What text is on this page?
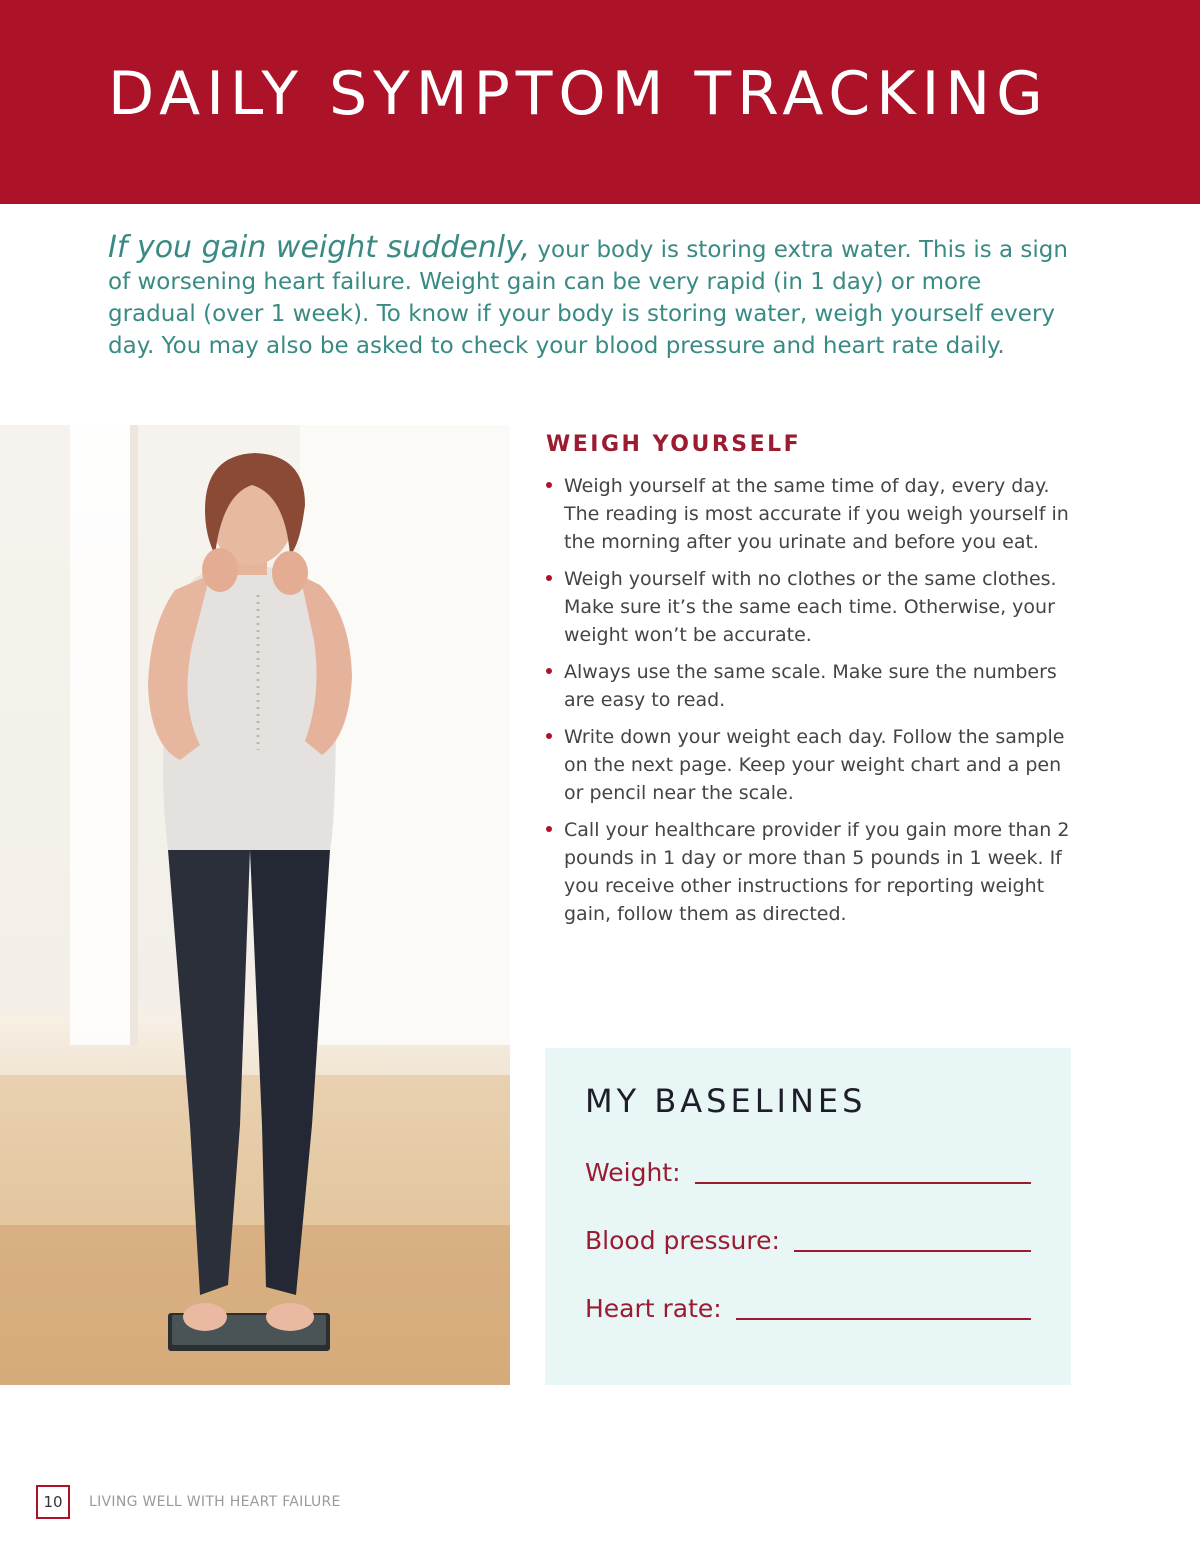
DAILY SYMPTOM TRACKING

If you gain weight suddenly, your body is storing extra water. This is a sign of worsening heart failure. Weight gain can be very rapid (in 1 day) or more gradual (over 1 week). To know if your body is storing water, weigh yourself every day. You may also be asked to check your blood pressure and heart rate daily.

WEIGH YOURSELF
Weigh yourself at the same time of day, every day. The reading is most accurate if you weigh yourself in the morning after you urinate and before you eat.
Weigh yourself with no clothes or the same clothes. Make sure it’s the same each time. Otherwise, your weight won’t be accurate.
Always use the same scale. Make sure the numbers are easy to read.
Write down your weight each day. Follow the sample on the next page. Keep your weight chart and a pen or pencil near the scale.
Call your healthcare provider if you gain more than 2 pounds in 1 day or more than 5 pounds in 1 week. If you receive other instructions for reporting weight gain, follow them as directed.
MY BASELINES
Weight:
Blood pressure:
Heart rate:
10	LIVING WELL WITH HEART FAILURE
